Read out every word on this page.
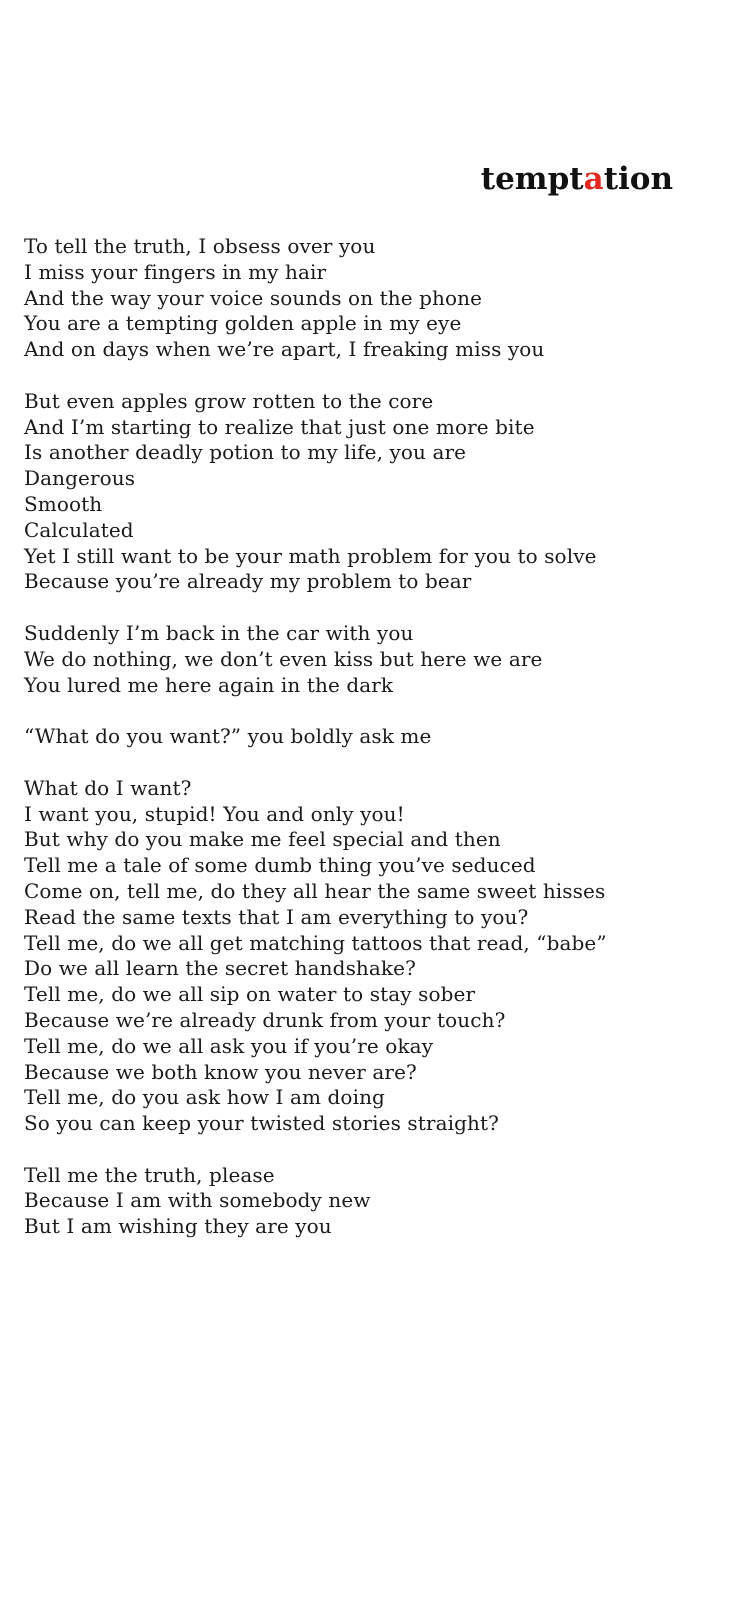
temptation
To tell the truth, I obsess over you
I miss your fingers in my hair
And the way your voice sounds on the phone
You are a tempting golden apple in my eye
And on days when we’re apart, I freaking miss you
But even apples grow rotten to the core
And I’m starting to realize that just one more bite
Is another deadly potion to my life, you are
Dangerous
Smooth
Calculated
Yet I still want to be your math problem for you to solve
Because you’re already my problem to bear
Suddenly I’m back in the car with you
We do nothing, we don’t even kiss but here we are
You lured me here again in the dark
“What do you want?” you boldly ask me
What do I want?
I want you, stupid! You and only you!
But why do you make me feel special and then
Tell me a tale of some dumb thing you’ve seduced
Come on, tell me, do they all hear the same sweet hisses
Read the same texts that I am everything to you?
Tell me, do we all get matching tattoos that read, “babe”
Do we all learn the secret handshake?
Tell me, do we all sip on water to stay sober
Because we’re already drunk from your touch?
Tell me, do we all ask you if you’re okay
Because we both know you never are?
Tell me, do you ask how I am doing
So you can keep your twisted stories straight?
Tell me the truth, please
Because I am with somebody new
But I am wishing they are you
